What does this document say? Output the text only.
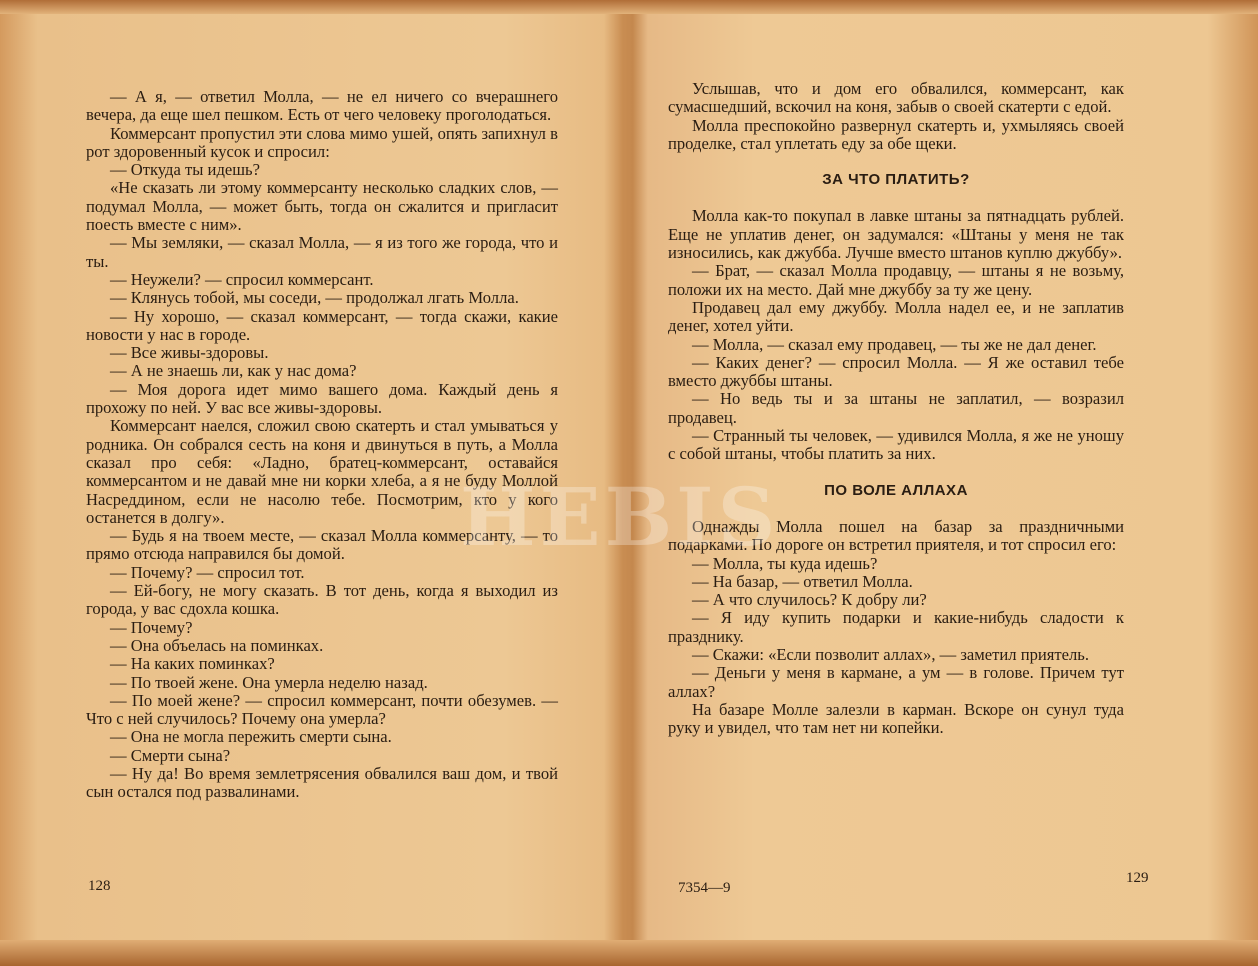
— А я, — ответил Молла, — не ел ничего со вчерашнего вечера, да еще шел пешком. Есть от чего человеку проголодаться.

Коммерсант пропустил эти слова мимо ушей, опять запихнул в рот здоровенный кусок и спросил:

— Откуда ты идешь?

«Не сказать ли этому коммерсанту несколько сладких слов, — подумал Молла, — может быть, тогда он сжалится и пригласит поесть вместе с ним».

— Мы земляки, — сказал Молла, — я из того же города, что и ты.

— Неужели? — спросил коммерсант.

— Клянусь тобой, мы соседи, — продолжал лгать Молла.

— Ну хорошо, — сказал коммерсант, — тогда скажи, какие новости у нас в городе.

— Все живы-здоровы.

— А не знаешь ли, как у нас дома?

— Моя дорога идет мимо вашего дома. Каждый день я прохожу по ней. У вас все живы-здоровы.

Коммерсант наелся, сложил свою скатерть и стал умываться у родника. Он собрался сесть на коня и двинуться в путь, а Молла сказал про себя: «Ладно, братец-коммерсант, оставайся коммерсантом и не давай мне ни корки хлеба, а я не буду Моллой Насреддином, если не насолю тебе. Посмотрим, кто у кого останется в долгу».

— Будь я на твоем месте, — сказал Молла коммерсанту, — то прямо отсюда направился бы домой.

— Почему? — спросил тот.

— Ей-богу, не могу сказать. В тот день, когда я выходил из города, у вас сдохла кошка.

— Почему?

— Она объелась на поминках.

— На каких поминках?

— По твоей жене. Она умерла неделю назад.

— По моей жене? — спросил коммерсант, почти обезумев. — Что с ней случилось? Почему она умерла?

— Она не могла пережить смерти сына.

— Смерти сына?

— Ну да! Во время землетрясения обвалился ваш дом, и твой сын остался под развалинами.

128

Услышав, что и дом его обвалился, коммерсант, как сумасшедший, вскочил на коня, забыв о своей скатерти с едой.

Молла преспокойно развернул скатерть и, ухмыляясь своей проделке, стал уплетать еду за обе щеки.

ЗА ЧТО ПЛАТИТЬ?

Молла как-то покупал в лавке штаны за пятнадцать рублей. Еще не уплатив денег, он задумался: «Штаны у меня не так износились, как джубба. Лучше вместо штанов куплю джуббу».

— Брат, — сказал Молла продавцу, — штаны я не возьму, положи их на место. Дай мне джуббу за ту же цену.

Продавец дал ему джуббу. Молла надел ее, и не заплатив денег, хотел уйти.

— Молла, — сказал ему продавец, — ты же не дал денег.

— Каких денег? — спросил Молла. — Я же оставил тебе вместо джуббы штаны.

— Но ведь ты и за штаны не заплатил, — возразил продавец.

— Странный ты человек, — удивился Молла, я же не уношу с собой штаны, чтобы платить за них.

ПО ВОЛЕ АЛЛАХА

Однажды Молла пошел на базар за праздничными подарками. По дороге он встретил приятеля, и тот спросил его:

— Молла, ты куда идешь?

— На базар, — ответил Молла.

— А что случилось? К добру ли?

— Я иду купить подарки и какие-нибудь сладости к празднику.

— Скажи: «Если позволит аллах», — заметил приятель.

— Деньги у меня в кармане, а ум — в голове. Причем тут аллах?

На базаре Молле залезли в карман. Вскоре он сунул туда руку и увидел, что там нет ни копейки.

7354—9
129
HEBIS
